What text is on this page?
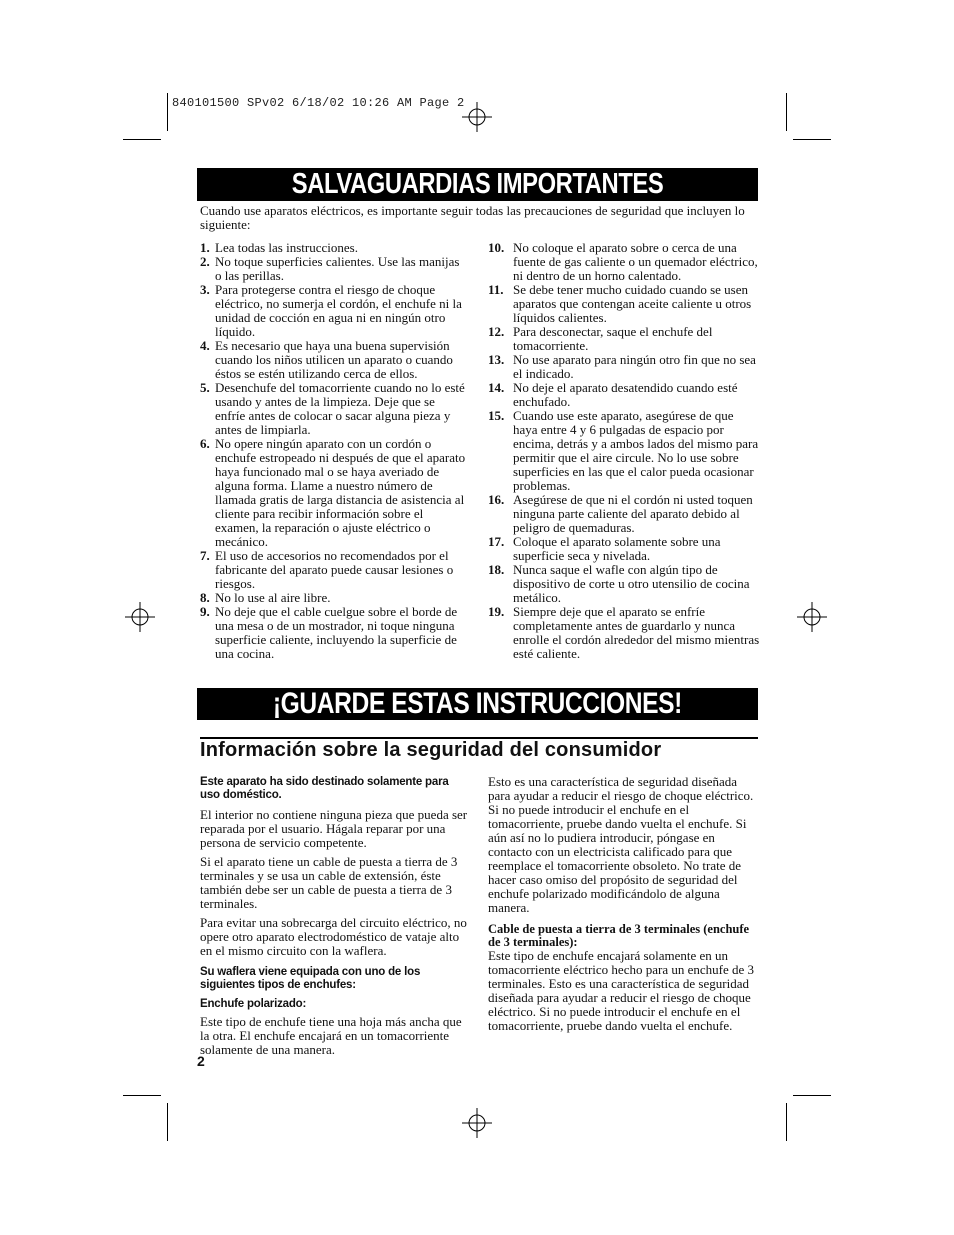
840101500 SPv02 6/18/02 10:26 AM Page 2
SALVAGUARDIAS IMPORTANTES
Cuando use aparatos eléctricos, es importante seguir todas las precauciones de seguridad que incluyen lo siguiente:

1. Lea todas las instrucciones.

2. No toque superficies calientes. Use las manijas o las perillas.

3. Para protegerse contra el riesgo de choque eléctrico, no sumerja el cordón, el enchufe ni la unidad de cocción en agua ni en ningún otro líquido.

4. Es necesario que haya una buena supervisión cuando los niños utilicen un aparato o cuando éstos se estén utilizando cerca de ellos.

5. Desenchufe del tomacorriente cuando no lo esté usando y antes de la limpieza. Deje que se enfríe antes de colocar o sacar alguna pieza y antes de limpiarla.

6. No opere ningún aparato con un cordón o enchufe estropeado ni después de que el aparato haya funcionado mal o se haya averiado de alguna forma. Llame a nuestro número de llamada gratis de larga distancia de asistencia al cliente para recibir información sobre el examen, la reparación o ajuste eléctrico o mecánico.

7. El uso de accesorios no recomendados por el fabricante del aparato puede causar lesiones o riesgos.

8. No lo use al aire libre.

9. No deje que el cable cuelgue sobre el borde de una mesa o de un mostrador, ni toque ninguna superficie caliente, incluyendo la superficie de una cocina.

10. No coloque el aparato sobre o cerca de una fuente de gas caliente o un quemador eléctrico, ni dentro de un horno calentado.

11. Se debe tener mucho cuidado cuando se usen aparatos que contengan aceite caliente u otros líquidos calientes.

12. Para desconectar, saque el enchufe del tomacorriente.

13. No use aparato para ningún otro fin que no sea el indicado.

14. No deje el aparato desatendido cuando esté enchufado.

15. Cuando use este aparato, asegúrese de que haya entre 4 y 6 pulgadas de espacio por encima, detrás y a ambos lados del mismo para permitir que el aire circule. No lo use sobre superficies en las que el calor pueda ocasionar problemas.

16. Asegúrese de que ni el cordón ni usted toquen ninguna parte caliente del aparato debido al peligro de quemaduras.

17. Coloque el aparato solamente sobre una superficie seca y nivelada.

18. Nunca saque el wafle con algún tipo de dispositivo de corte u otro utensilio de cocina metálico.

19. Siempre deje que el aparato se enfríe completamente antes de guardarlo y nunca enrolle el cordón alrededor del mismo mientras esté caliente.

¡GUARDE ESTAS INSTRUCCIONES!
Información sobre la seguridad del consumidor

Este aparato ha sido destinado solamente para uso doméstico.

El interior no contiene ninguna pieza que pueda ser reparada por el usuario. Hágala reparar por una persona de servicio competente.

Si el aparato tiene un cable de puesta a tierra de 3 terminales y se usa un cable de extensión, éste también debe ser un cable de puesta a tierra de 3 terminales.

Para evitar una sobrecarga del circuito eléctrico, no opere otro aparato electrodoméstico de vataje alto en el mismo circuito con la waflera.

Su waflera viene equipada con uno de los siguientes tipos de enchufes:

Enchufe polarizado:

Este tipo de enchufe tiene una hoja más ancha que la otra. El enchufe encajará en un tomacorriente solamente de una manera.

Esto es una característica de seguridad diseñada para ayudar a reducir el riesgo de choque eléctrico. Si no puede introducir el enchufe en el tomacorriente, pruebe dando vuelta el enchufe. Si aún así no lo pudiera introducir, póngase en contacto con un electricista calificado para que reemplace el tomacorriente obsoleto. No trate de hacer caso omiso del propósito de seguridad del enchufe polarizado modificándolo de alguna manera.

Cable de puesta a tierra de 3 terminales (enchufe de 3 terminales):

Este tipo de enchufe encajará solamente en un tomacorriente eléctrico hecho para un enchufe de 3 terminales. Esto es una característica de seguridad diseñada para ayudar a reducir el riesgo de choque eléctrico. Si no puede introducir el enchufe en el tomacorriente, pruebe dando vuelta el enchufe.

2
